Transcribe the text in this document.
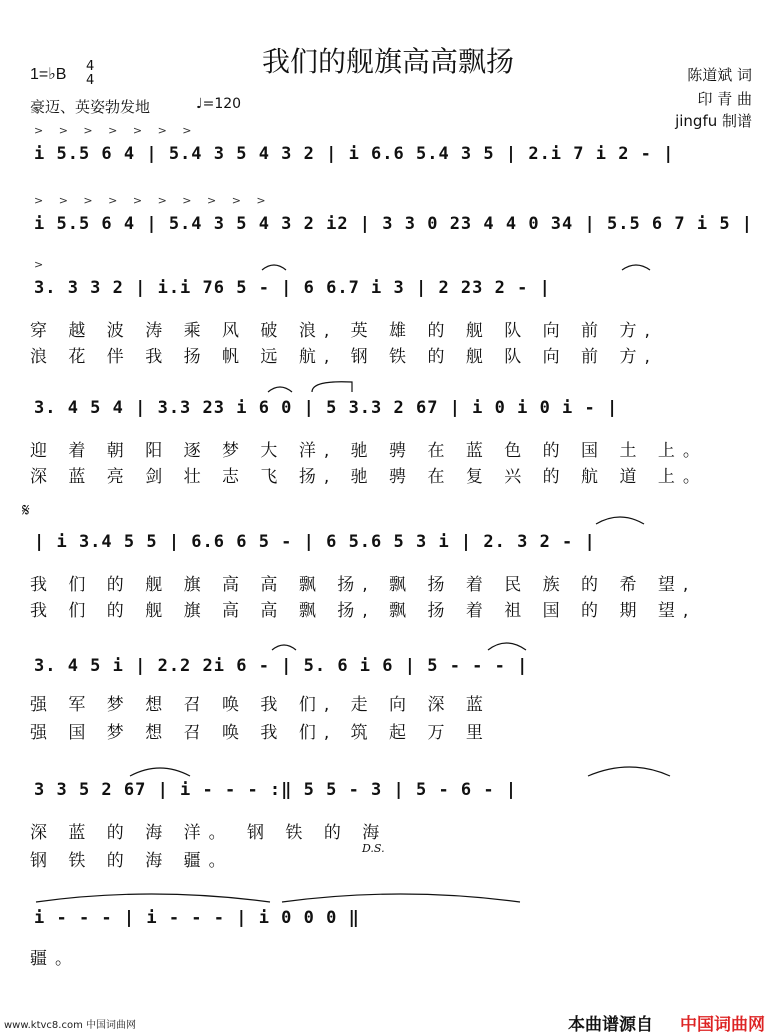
我们的舰旗高高飘扬
1=♭B 4
4
豪迈、英姿勃发地	♩=120
陈道斌 词
印 青 曲
jingfu 制谱
> > > > > > >
i 5.5 6 4 | 5.4 3 5 4 3 2 | i 6.6 5.4 3 5 | 2.i 7 i 2 - |
> > > > > > > > > >
i 5.5 6 4 | 5.4 3 5 4 3 2 i2 | 3 3 0 23 4 4 0 34 | 5.5 6 7 i 5 |
>
3. 3 3 2 | i.i 76 5 - | 6 6.7 i 3 | 2 23 2 - |
穿 越 波 涛 乘 风 破 浪, 英 雄 的 舰 队 向 前 方,
浪 花 伴 我 扬 帆 远 航, 钢 铁 的 舰 队 向 前 方,
3. 4 5 4 | 3.3 23 i 6 0 | 5 3.3 2 67 | i 0 i 0 i - |
迎 着 朝 阳 逐 梦 大 洋, 驰 骋 在 蓝 色 的 国 土 上。
深 蓝 亮 剑 壮 志 飞 扬, 驰 骋 在 复 兴 的 航 道 上。
𝄋
| i 3.4 5 5 | 6.6 6 5 - | 6 5.6 5 3 i | 2. 3 2 - |
我 们 的 舰 旗 高 高 飘 扬, 飘 扬 着 民 族 的 希 望,
我 们 的 舰 旗 高 高 飘 扬, 飘 扬 着 祖 国 的 期 望,
3. 4 5 i | 2.2 2i 6 - | 5. 6 i 6 | 5 - - - |
强 军 梦 想 召 唤 我 们, 走 向 深 蓝
强 国 梦 想 召 唤 我 们, 筑 起 万 里
3 3 5 2 67 | i - - - :‖ 5 5 - 3 | 5 - 6 - |
深 蓝 的 海 洋。 钢 铁 的 海
钢 铁 的 海 疆。
D.S.
i - - - | i - - - | i 0 0 0 ‖
疆。
www.ktvc8.com 中国词曲网	本曲谱源自 中国词曲网
